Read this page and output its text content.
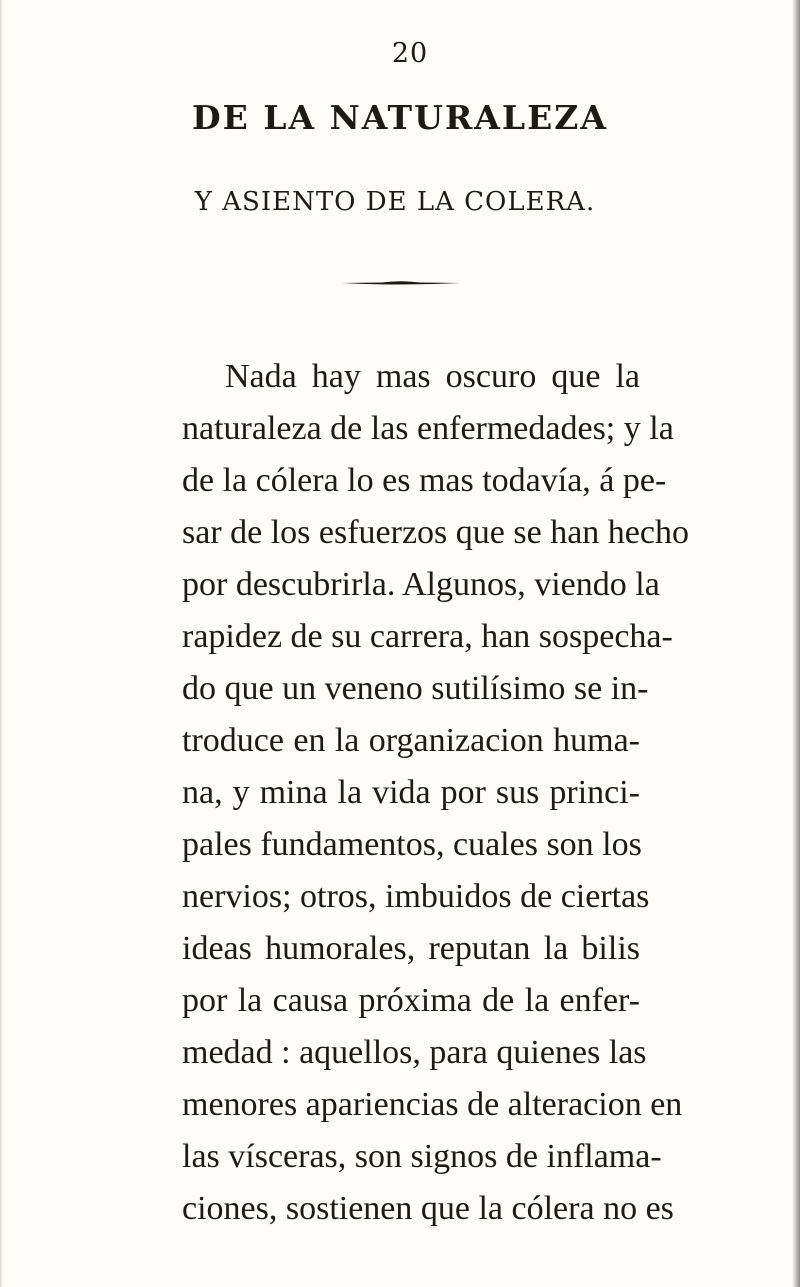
20
DE LA NATURALEZA
Y ASIENTO DE LA COLERA.
Nada hay mas oscuro que la
naturaleza de las enfermedades; y la
de la cólera lo es mas todavía, á pe-
sar de los esfuerzos que se han hecho
por descubrirla. Algunos, viendo la
rapidez de su carrera, han sospecha-
do que un veneno sutilísimo se in-
troduce en la organizacion huma-
na, y mina la vida por sus princi-
pales fundamentos, cuales son los
nervios; otros, imbuidos de ciertas
ideas humorales, reputan la bilis
por la causa próxima de la enfer-
medad : aquellos, para quienes las
menores apariencias de alteracion en
las vísceras, son signos de inflama-
ciones, sostienen que la cólera no es
